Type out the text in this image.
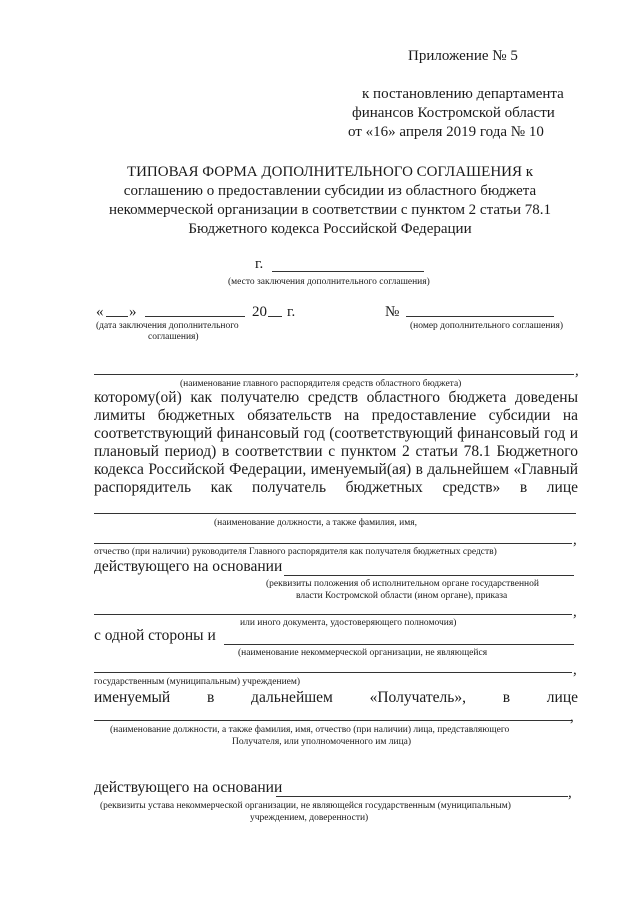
Приложение № 5
к постановлению департамента
финансов Костромской области
от «16» апреля 2019 года № 10
ТИПОВАЯ ФОРМА ДОПОЛНИТЕЛЬНОГО СОГЛАШЕНИЯ к
соглашению о предоставлении субсидии из областного бюджета
некоммерческой организации в соответствии с пунктом 2 статьи 78.1
Бюджетного кодекса Российской Федерации
г.
(место заключения дополнительного соглашения)
« »	20 г.
(дата заключения дополнительного
соглашения)
№
(номер дополнительного соглашения)
,
(наименование главного распорядителя средств областного бюджета)
которому(ой) как получателю средств областного бюджета доведены
лимиты бюджетных обязательств на предоставление субсидии на
соответствующий финансовый год (соответствующий финансовый год и
плановый период) в соответствии с пунктом 2 статьи 78.1 Бюджетного
кодекса Российской Федерации, именуемый(ая) в дальнейшем «Главный
распорядитель как получатель бюджетных средств» в лице
(наименование должности, а также фамилия, имя,
,
отчество (при наличии) руководителя Главного распорядителя как получателя бюджетных средств)
действующего на основании
(реквизиты положения об исполнительном органе государственной
власти Костромской области (ином органе), приказа
,
или иного документа, удостоверяющего полномочия)
с одной стороны и
(наименование некоммерческой организации, не являющейся
,
государственным (муниципальным) учреждением)
именуемый в дальнейшем «Получатель», в лице
,
(наименование должности, а также фамилия, имя, отчество (при наличии) лица, представляющего
Получателя, или уполномоченного им лица)
действующего на основании	,
(реквизиты устава некоммерческой организации, не являющейся государственным (муниципальным)
учреждением, доверенности)
